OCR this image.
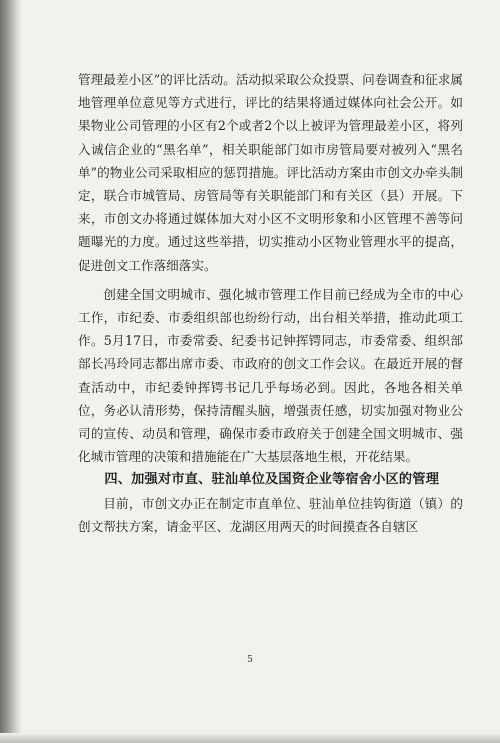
管理最差小区”的评比活动。活动拟采取公众投票、问卷调查和征求属地管理单位意见等方式进行，评比的结果将通过媒体向社会公开。如果物业公司管理的小区有2个或者2个以上被评为管理最差小区，将列入诚信企业的“黑名单”，相关职能部门如市房管局要对被列入“黑名单”的物业公司采取相应的惩罚措施。评比活动方案由市创文办牵头制定，联合市城管局、房管局等有关职能部门和有关区（县）开展。下来，市创文办将通过媒体加大对小区不文明形象和小区管理不善等问题曝光的力度。通过这些举措，切实推动小区物业管理水平的提高，促进创文工作落细落实。

创建全国文明城市、强化城市管理工作目前已经成为全市的中心工作，市纪委、市委组织部也纷纷行动，出台相关举措，推动此项工作。5月17日，市委常委、纪委书记钟挥锷同志，市委常委、组织部部长冯玲同志都出席市委、市政府的创文工作会议。在最近开展的督查活动中，市纪委钟挥锷书记几乎每场必到。因此，各地各相关单位，务必认清形势，保持清醒头脑，增强责任感，切实加强对物业公司的宣传、动员和管理，确保市委市政府关于创建全国文明城市、强化城市管理的决策和措施能在广大基层落地生根，开花结果。

四、加强对市直、驻汕单位及国资企业等宿舍小区的管理

目前，市创文办正在制定市直单位、驻汕单位挂钩街道（镇）的创文帮扶方案，请金平区、龙湖区用两天的时间摸查各自辖区

5
